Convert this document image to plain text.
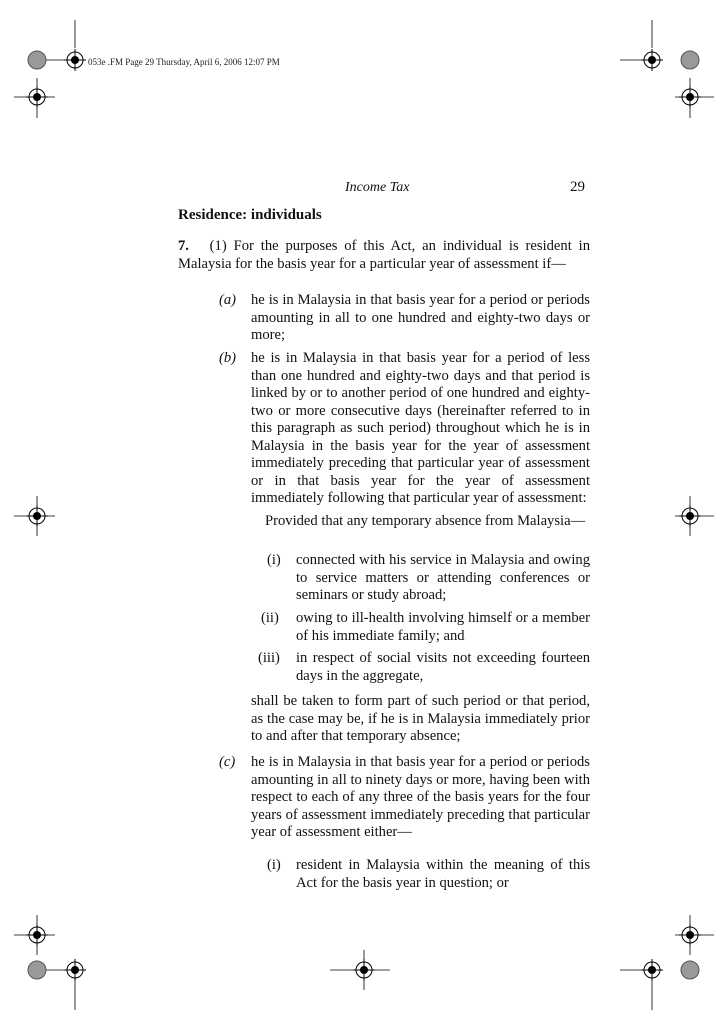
053e .FM Page 29 Thursday, April 6, 2006 12:07 PM
Income Tax	29
Residence: individuals
7. (1) For the purposes of this Act, an individual is resident in Malaysia for the basis year for a particular year of assessment if—
(a) he is in Malaysia in that basis year for a period or periods amounting in all to one hundred and eighty-two days or more;
(b) he is in Malaysia in that basis year for a period of less than one hundred and eighty-two days and that period is linked by or to another period of one hundred and eighty-two or more consecutive days (hereinafter referred to in this paragraph as such period) throughout which he is in Malaysia in the basis year for the year of assessment immediately preceding that particular year of assessment or in that basis year for the year of assessment immediately following that particular year of assessment:
Provided that any temporary absence from Malaysia—
(i) connected with his service in Malaysia and owing to service matters or attending conferences or seminars or study abroad;
(ii) owing to ill-health involving himself or a member of his immediate family; and
(iii) in respect of social visits not exceeding fourteen days in the aggregate,
shall be taken to form part of such period or that period, as the case may be, if he is in Malaysia immediately prior to and after that temporary absence;
(c) he is in Malaysia in that basis year for a period or periods amounting in all to ninety days or more, having been with respect to each of any three of the basis years for the four years of assessment immediately preceding that particular year of assessment either—
(i) resident in Malaysia within the meaning of this Act for the basis year in question; or
